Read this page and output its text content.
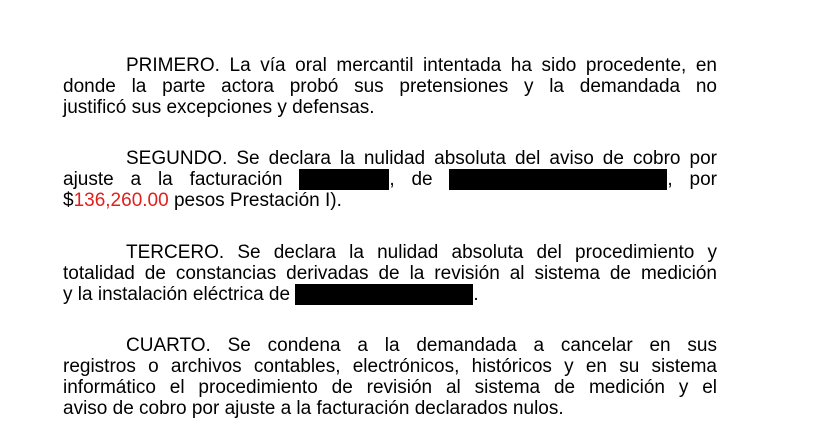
PRIMERO. La vía oral mercantil intentada ha sido procedente, en
donde la parte actora probó sus pretensiones y la demandada no
justificó sus excepciones y defensas.
SEGUNDO. Se declara la nulidad absoluta del aviso de cobro por
ajuste a la facturación	, de	, por
$136,260.00 pesos Prestación I).
TERCERO. Se declara la nulidad absoluta del procedimiento y
totalidad de constancias derivadas de la revisión al sistema de medición
y la instalación eléctrica de	.
CUARTO. Se condena a la demandada a cancelar en sus
registros o archivos contables, electrónicos, históricos y en su sistema
informático el procedimiento de revisión al sistema de medición y el
aviso de cobro por ajuste a la facturación declarados nulos.
